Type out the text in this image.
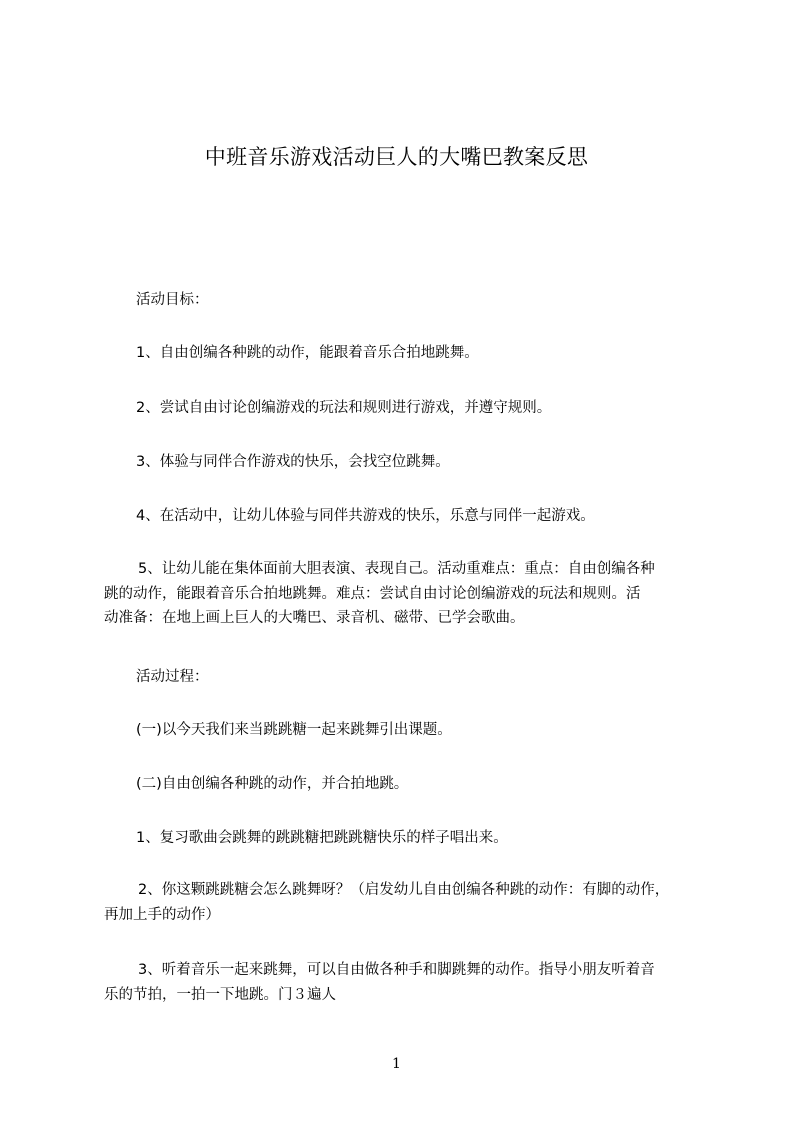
中班音乐游戏活动巨人的大嘴巴教案反思
活动目标：
1、自由创编各种跳的动作，能跟着音乐合拍地跳舞。
2、尝试自由讨论创编游戏的玩法和规则进行游戏，并遵守规则。
3、体验与同伴合作游戏的快乐，会找空位跳舞。
4、在活动中，让幼儿体验与同伴共游戏的快乐，乐意与同伴一起游戏。
5、让幼儿能在集体面前大胆表演、表现自己。活动重难点：重点：自由创编各种
跳的动作，能跟着音乐合拍地跳舞。难点：尝试自由讨论创编游戏的玩法和规则。活
动准备：在地上画上巨人的大嘴巴、录音机、磁带、已学会歌曲。
活动过程：
(一)以今天我们来当跳跳糖一起来跳舞引出课题。
(二)自由创编各种跳的动作，并合拍地跳。
1、复习歌曲会跳舞的跳跳糖把跳跳糖快乐的样子唱出来。
2、你这颗跳跳糖会怎么跳舞呀？（启发幼儿自由创编各种跳的动作：有脚的动作，
再加上手的动作）
3、听着音乐一起来跳舞，可以自由做各种手和脚跳舞的动作。指导小朋友听着音
乐的节拍，一拍一下地跳。门３遍人
1
